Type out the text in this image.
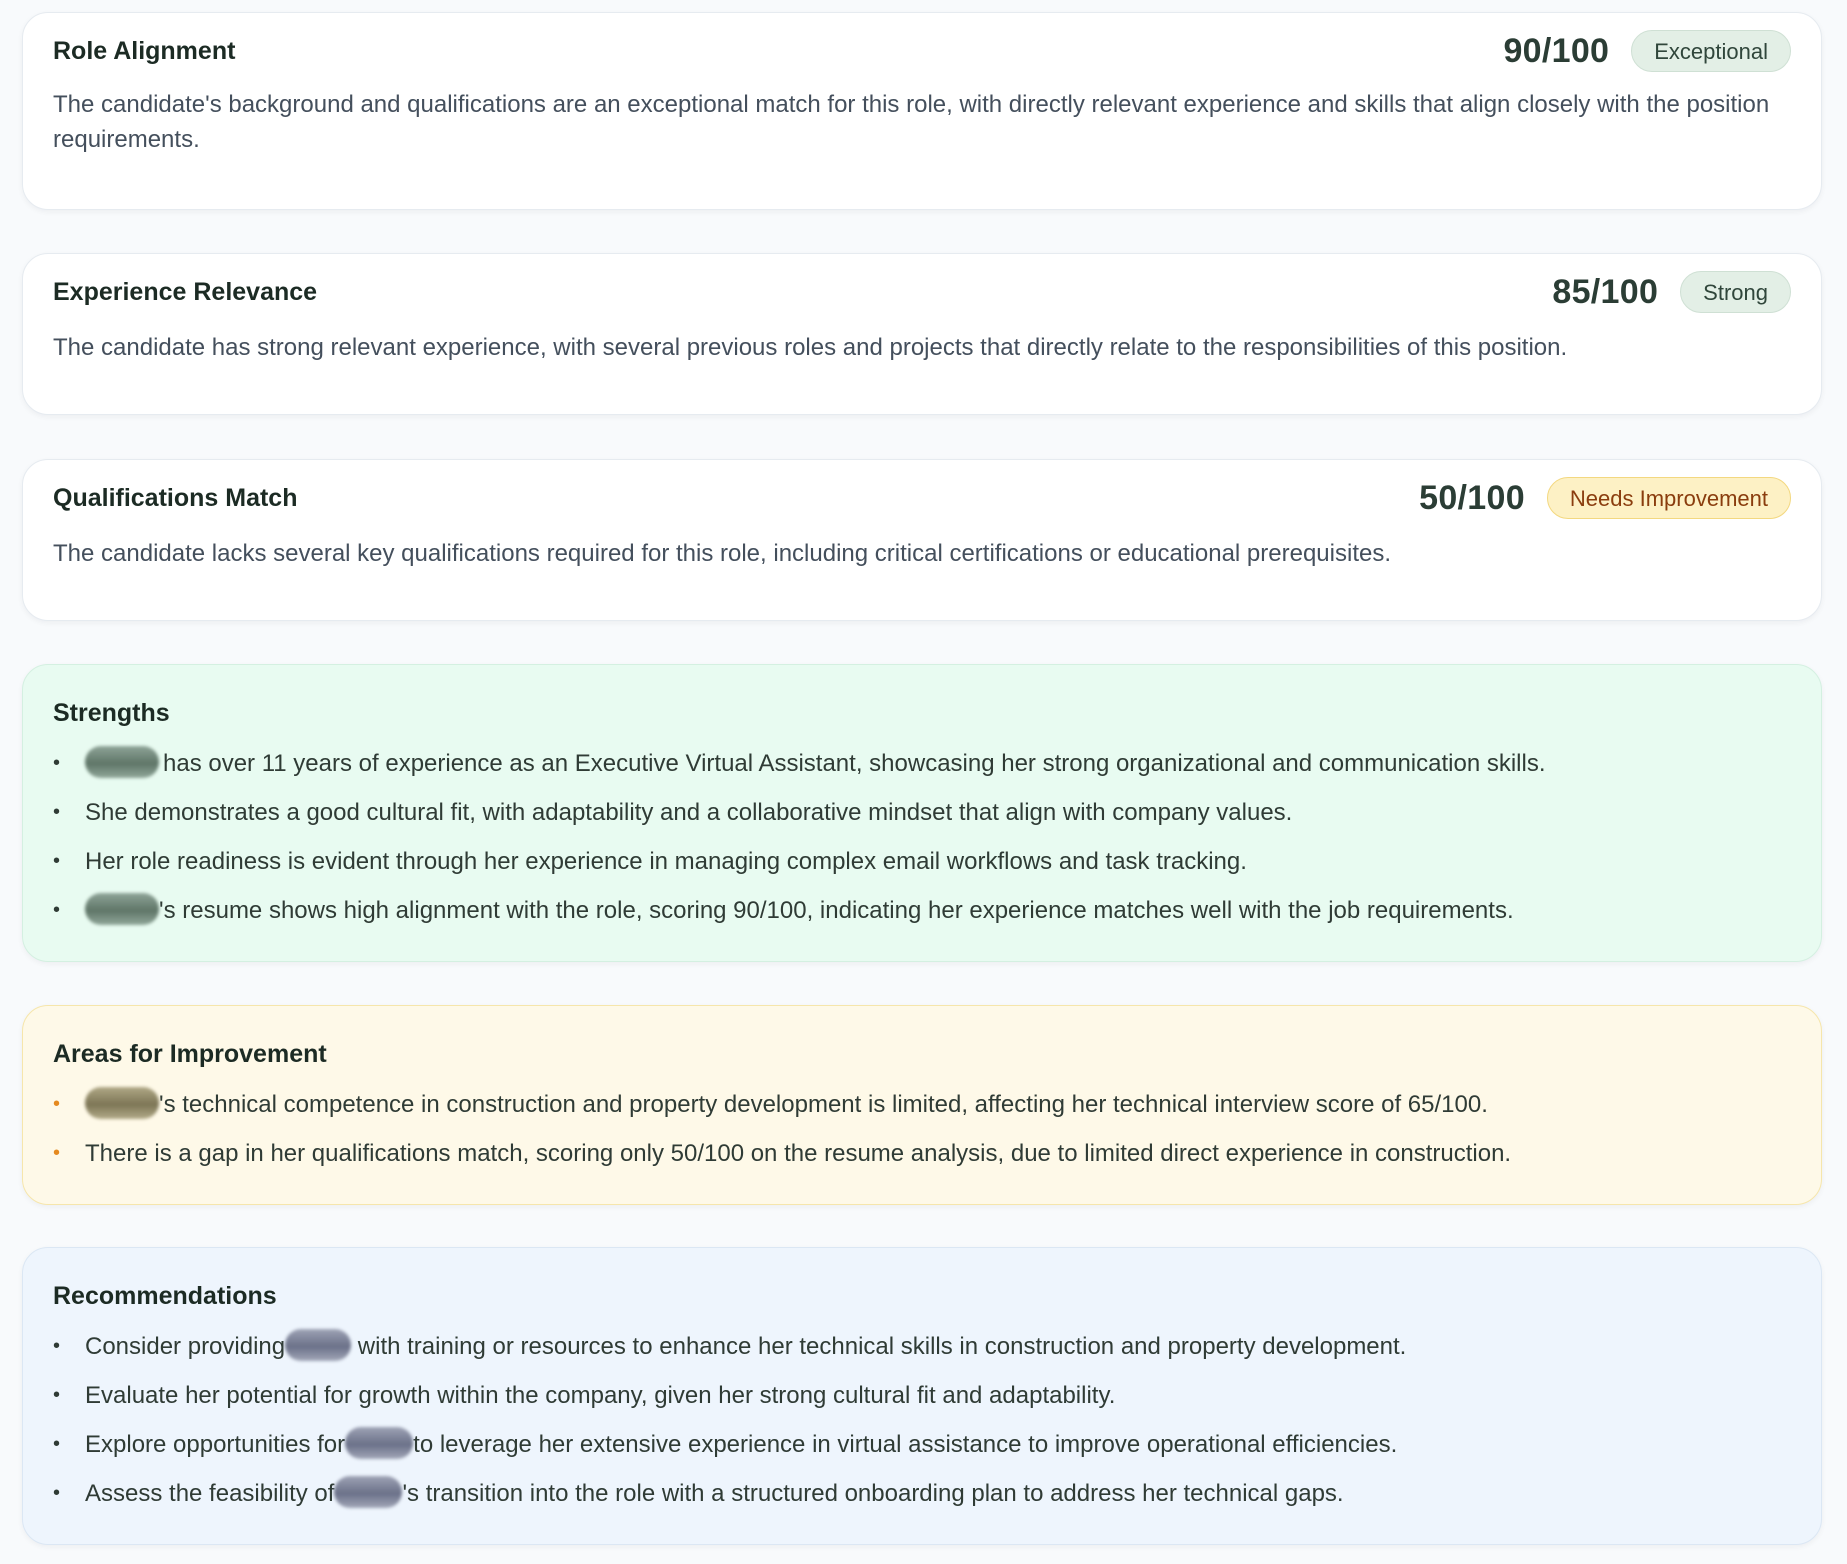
Role Alignment	90/100	Exceptional

The candidate's background and qualifications are an exceptional match for this role, with directly relevant experience and skills that align closely with the position requirements.

Experience Relevance	85/100	Strong

The candidate has strong relevant experience, with several previous roles and projects that directly relate to the responsibilities of this position.

Qualifications Match	50/100	Needs Improvement

The candidate lacks several key qualifications required for this role, including critical certifications or educational prerequisites.

Strengths
•	has over 11 years of experience as an Executive Virtual Assistant, showcasing her strong organizational and communication skills.
• She demonstrates a good cultural fit, with adaptability and a collaborative mindset that align with company values.
• Her role readiness is evident through her experience in managing complex email workflows and task tracking.
•	's resume shows high alignment with the role, scoring 90/100, indicating her experience matches well with the job requirements.
Areas for Improvement
•	's technical competence in construction and property development is limited, affecting her technical interview score of 65/100.
• There is a gap in her qualifications match, scoring only 50/100 on the resume analysis, due to limited direct experience in construction.
Recommendations
• Consider providing	with training or resources to enhance her technical skills in construction and property development.
• Evaluate her potential for growth within the company, given her strong cultural fit and adaptability.
• Explore opportunities for	to leverage her extensive experience in virtual assistance to improve operational efficiencies.
• Assess the feasibility of	's transition into the role with a structured onboarding plan to address her technical gaps.
